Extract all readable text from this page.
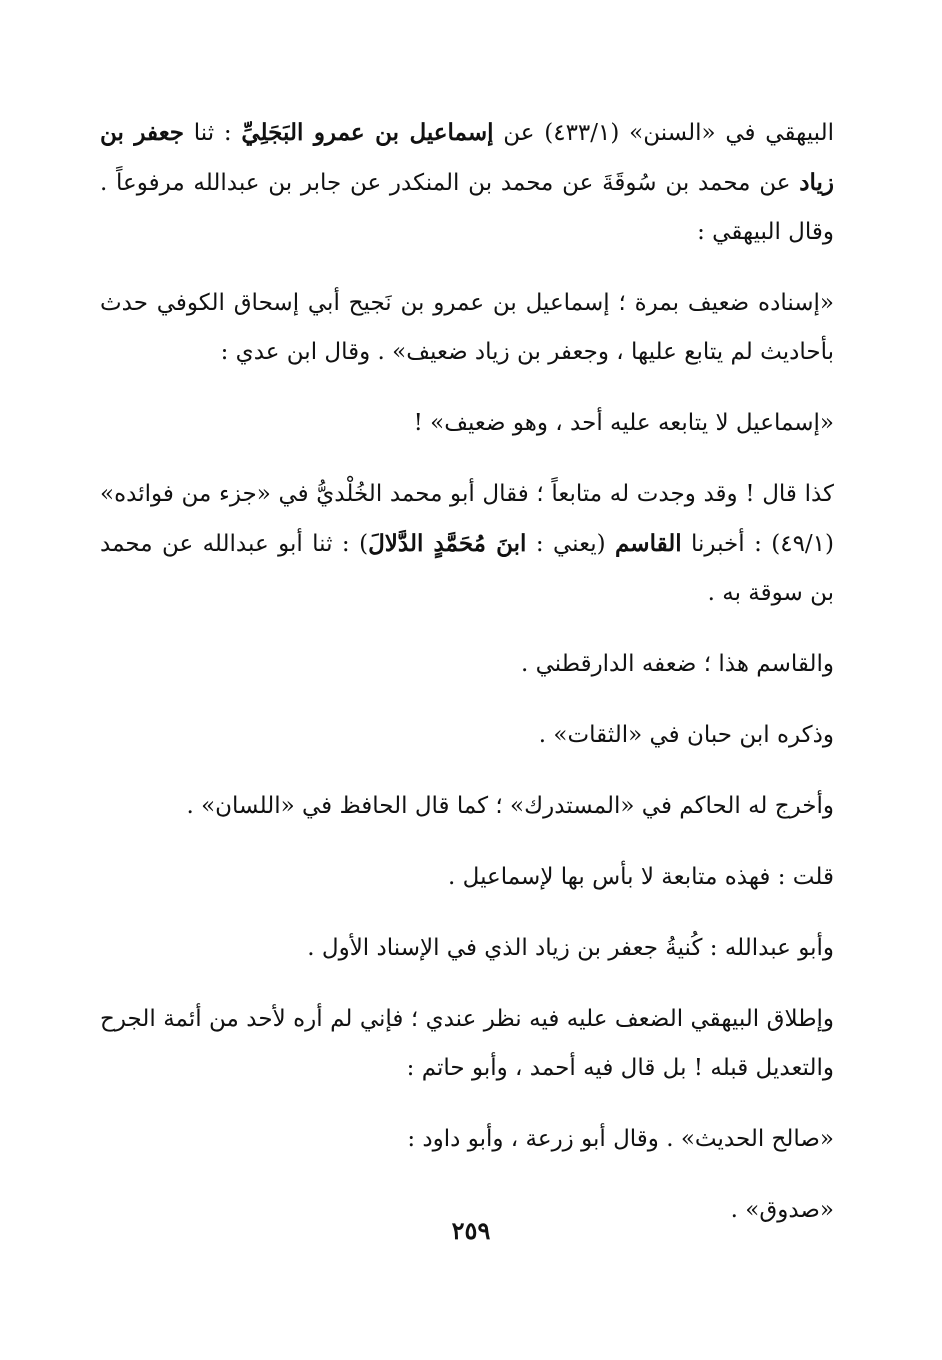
البيهقي في «السنن» (٤٣٣/١) عن إسماعيل بن عمرو البَجَلِيِّ : ثنا جعفر بن زياد عن محمد بن سُوقَةَ عن محمد بن المنكدر عن جابر بن عبدالله مرفوعاً . وقال البيهقي :

«إسناده ضعيف بمرة ؛ إسماعيل بن عمرو بن نَجيح أبي إسحاق الكوفي حدث بأحاديث لم يتابع عليها ، وجعفر بن زياد ضعيف» . وقال ابن عدي :

«إسماعيل لا يتابعه عليه أحد ، وهو ضعيف» !

كذا قال ! وقد وجدت له متابعاً ؛ فقال أبو محمد الخُلْديُّ في «جزء من فوائده» (٤٩/١) : أخبرنا القاسم (يعني : ابنَ مُحَمَّدٍ الدَّلالَ) : ثنا أبو عبدالله عن محمد بن سوقة به .

والقاسم هذا ؛ ضعفه الدارقطني .

وذكره ابن حبان في «الثقات» .

وأخرج له الحاكم في «المستدرك» ؛ كما قال الحافظ في «اللسان» .

قلت : فهذه متابعة لا بأس بها لإسماعيل .

وأبو عبدالله : كُنيةُ جعفر بن زياد الذي في الإسناد الأول .

وإطلاق البيهقي الضعف عليه فيه نظر عندي ؛ فإني لم أره لأحد من أئمة الجرح والتعديل قبله ! بل قال فيه أحمد ، وأبو حاتم :

«صالح الحديث» . وقال أبو زرعة ، وأبو داود :

«صدوق» .

٢٥٩
